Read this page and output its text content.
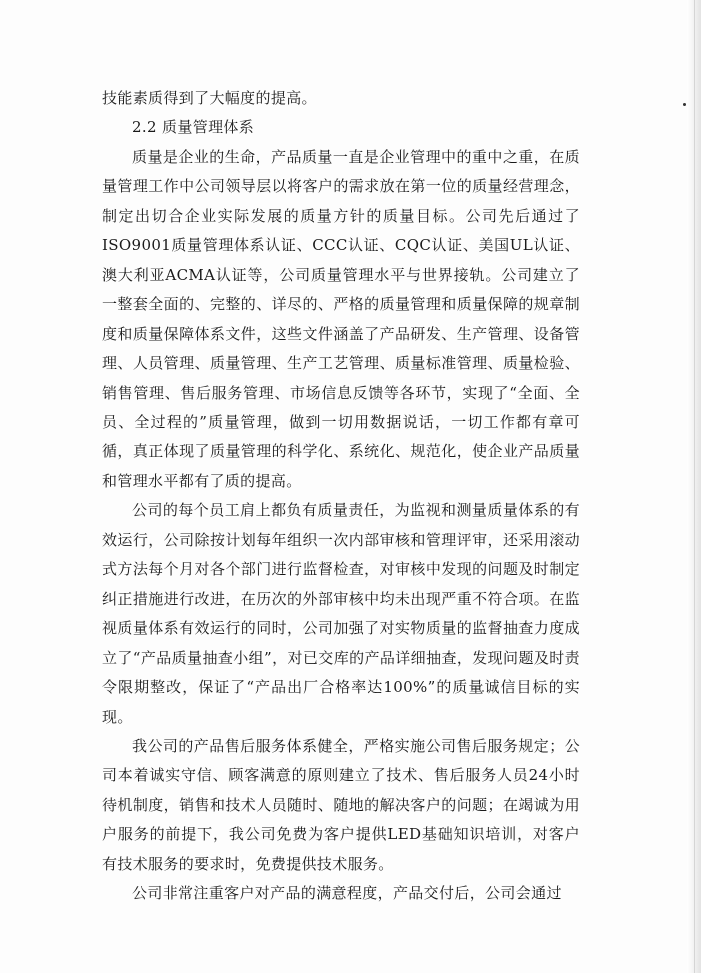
技能素质得到了大幅度的提高。

2.2 质量管理体系

质量是企业的生命，产品质量一直是企业管理中的重中之重，在质量管理工作中公司领导层以将客户的需求放在第一位的质量经营理念，制定出切合企业实际发展的质量方针的质量目标。公司先后通过了ISO9001质量管理体系认证、CCC认证、CQC认证、美国UL认证、澳大利亚ACMA认证等，公司质量管理水平与世界接轨。公司建立了一整套全面的、完整的、详尽的、严格的质量管理和质量保障的规章制度和质量保障体系文件，这些文件涵盖了产品研发、生产管理、设备管理、人员管理、质量管理、生产工艺管理、质量标准管理、质量检验、销售管理、售后服务管理、市场信息反馈等各环节，实现了“全面、全员、全过程的”质量管理，做到一切用数据说话，一切工作都有章可循，真正体现了质量管理的科学化、系统化、规范化，使企业产品质量和管理水平都有了质的提高。

公司的每个员工肩上都负有质量责任，为监视和测量质量体系的有效运行，公司除按计划每年组织一次内部审核和管理评审，还采用滚动式方法每个月对各个部门进行监督检查，对审核中发现的问题及时制定纠正措施进行改进，在历次的外部审核中均未出现严重不符合项。在监视质量体系有效运行的同时，公司加强了对实物质量的监督抽查力度成立了“产品质量抽查小组”，对已交库的产品详细抽查，发现问题及时责令限期整改，保证了“产品出厂合格率达100%”的质量诚信目标的实现。

我公司的产品售后服务体系健全，严格实施公司售后服务规定；公司本着诚实守信、顾客满意的原则建立了技术、售后服务人员24小时待机制度，销售和技术人员随时、随地的解决客户的问题；在竭诚为用户服务的前提下，我公司免费为客户提供LED基础知识培训，对客户有技术服务的要求时，免费提供技术服务。

公司非常注重客户对产品的满意程度，产品交付后，公司会通过
